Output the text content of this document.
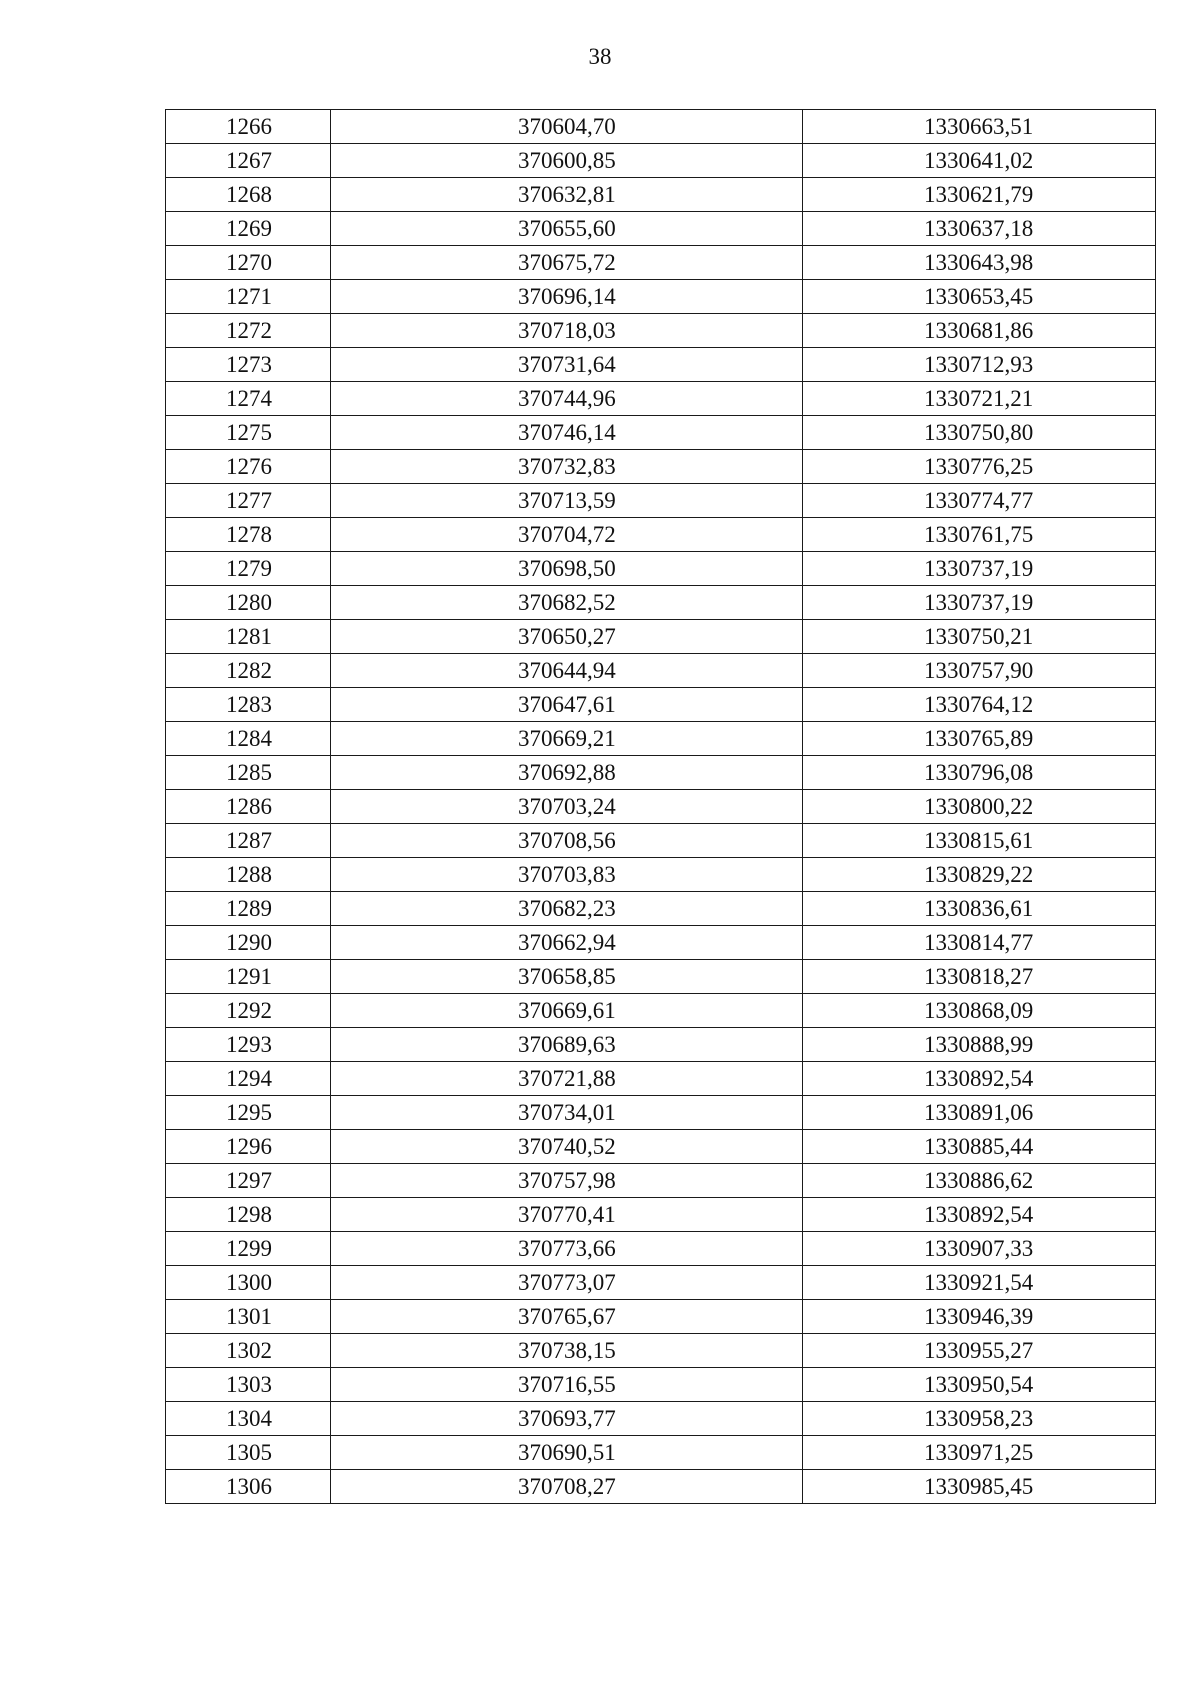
38
1266	370604,70	1330663,51
1267	370600,85	1330641,02
1268	370632,81	1330621,79
1269	370655,60	1330637,18
1270	370675,72	1330643,98
1271	370696,14	1330653,45
1272	370718,03	1330681,86
1273	370731,64	1330712,93
1274	370744,96	1330721,21
1275	370746,14	1330750,80
1276	370732,83	1330776,25
1277	370713,59	1330774,77
1278	370704,72	1330761,75
1279	370698,50	1330737,19
1280	370682,52	1330737,19
1281	370650,27	1330750,21
1282	370644,94	1330757,90
1283	370647,61	1330764,12
1284	370669,21	1330765,89
1285	370692,88	1330796,08
1286	370703,24	1330800,22
1287	370708,56	1330815,61
1288	370703,83	1330829,22
1289	370682,23	1330836,61
1290	370662,94	1330814,77
1291	370658,85	1330818,27
1292	370669,61	1330868,09
1293	370689,63	1330888,99
1294	370721,88	1330892,54
1295	370734,01	1330891,06
1296	370740,52	1330885,44
1297	370757,98	1330886,62
1298	370770,41	1330892,54
1299	370773,66	1330907,33
1300	370773,07	1330921,54
1301	370765,67	1330946,39
1302	370738,15	1330955,27
1303	370716,55	1330950,54
1304	370693,77	1330958,23
1305	370690,51	1330971,25
1306	370708,27	1330985,45
